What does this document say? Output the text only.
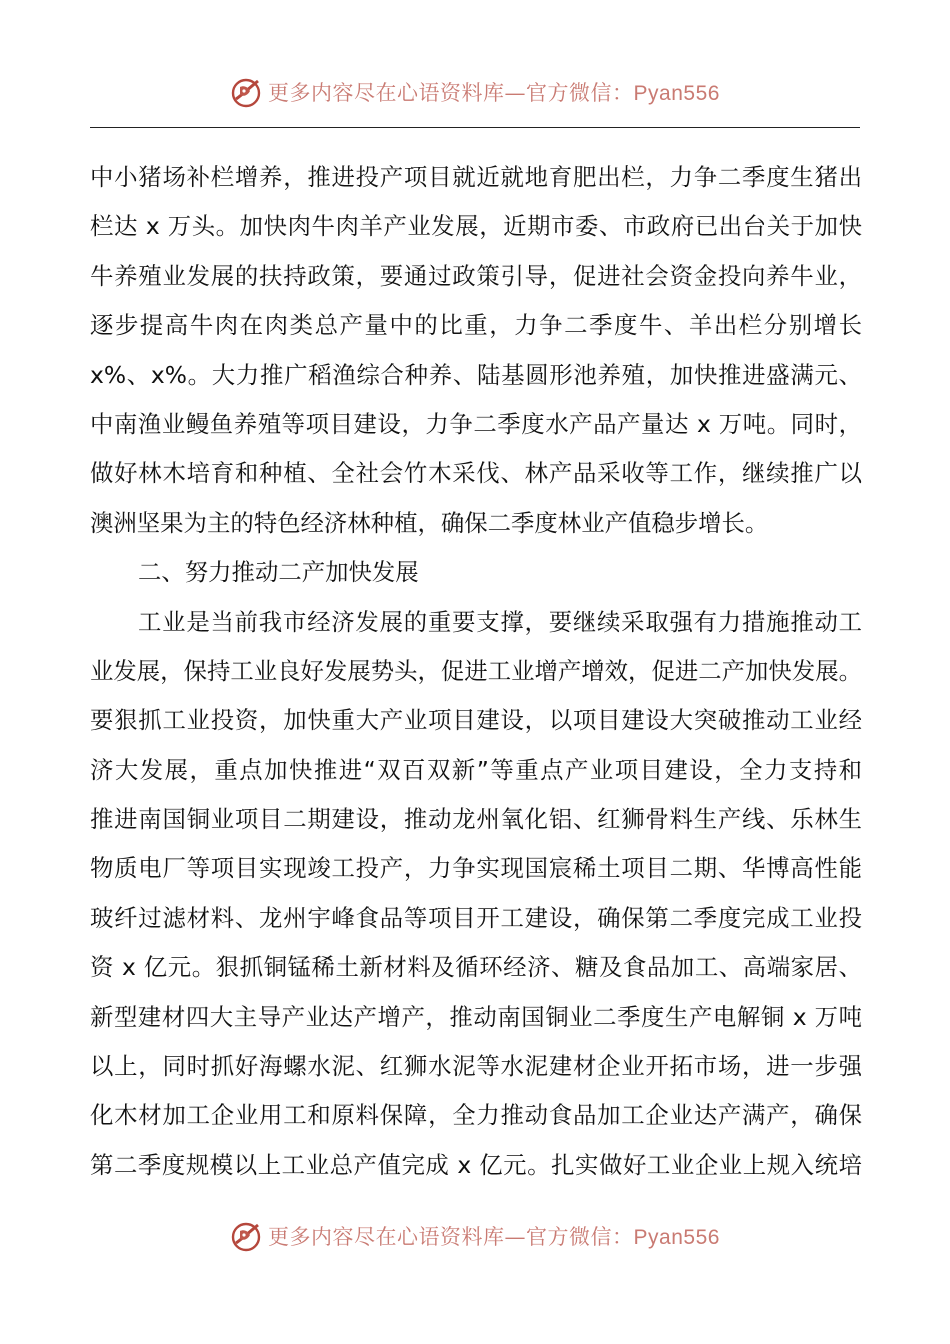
更多内容尽在心语资料库—官方微信：Pyan556
中小猪场补栏增养，推进投产项目就近就地育肥出栏，力争二季度生猪出
栏达 x 万头。加快肉牛肉羊产业发展，近期市委、市政府已出台关于加快
牛养殖业发展的扶持政策，要通过政策引导，促进社会资金投向养牛业，
逐步提高牛肉在肉类总产量中的比重，力争二季度牛、羊出栏分别增长
x%、x%。大力推广稻渔综合种养、陆基圆形池养殖，加快推进盛满元、
中南渔业鳗鱼养殖等项目建设，力争二季度水产品产量达 x 万吨。同时，
做好林木培育和种植、全社会竹木采伐、林产品采收等工作，继续推广以
澳洲坚果为主的特色经济林种植，确保二季度林业产值稳步增长。
二、努力推动二产加快发展
工业是当前我市经济发展的重要支撑，要继续采取强有力措施推动工
业发展，保持工业良好发展势头，促进工业增产增效，促进二产加快发展。
要狠抓工业投资，加快重大产业项目建设，以项目建设大突破推动工业经
济大发展，重点加快推进“双百双新”等重点产业项目建设，全力支持和
推进南国铜业项目二期建设，推动龙州氧化铝、红狮骨料生产线、乐林生
物质电厂等项目实现竣工投产，力争实现国宸稀土项目二期、华博高性能
玻纤过滤材料、龙州宇峰食品等项目开工建设，确保第二季度完成工业投
资 x 亿元。狠抓铜锰稀土新材料及循环经济、糖及食品加工、高端家居、
新型建材四大主导产业达产增产，推动南国铜业二季度生产电解铜 x 万吨
以上，同时抓好海螺水泥、红狮水泥等水泥建材企业开拓市场，进一步强
化木材加工企业用工和原料保障，全力推动食品加工企业达产满产，确保
第二季度规模以上工业总产值完成 x 亿元。扎实做好工业企业上规入统培
更多内容尽在心语资料库—官方微信：Pyan556
